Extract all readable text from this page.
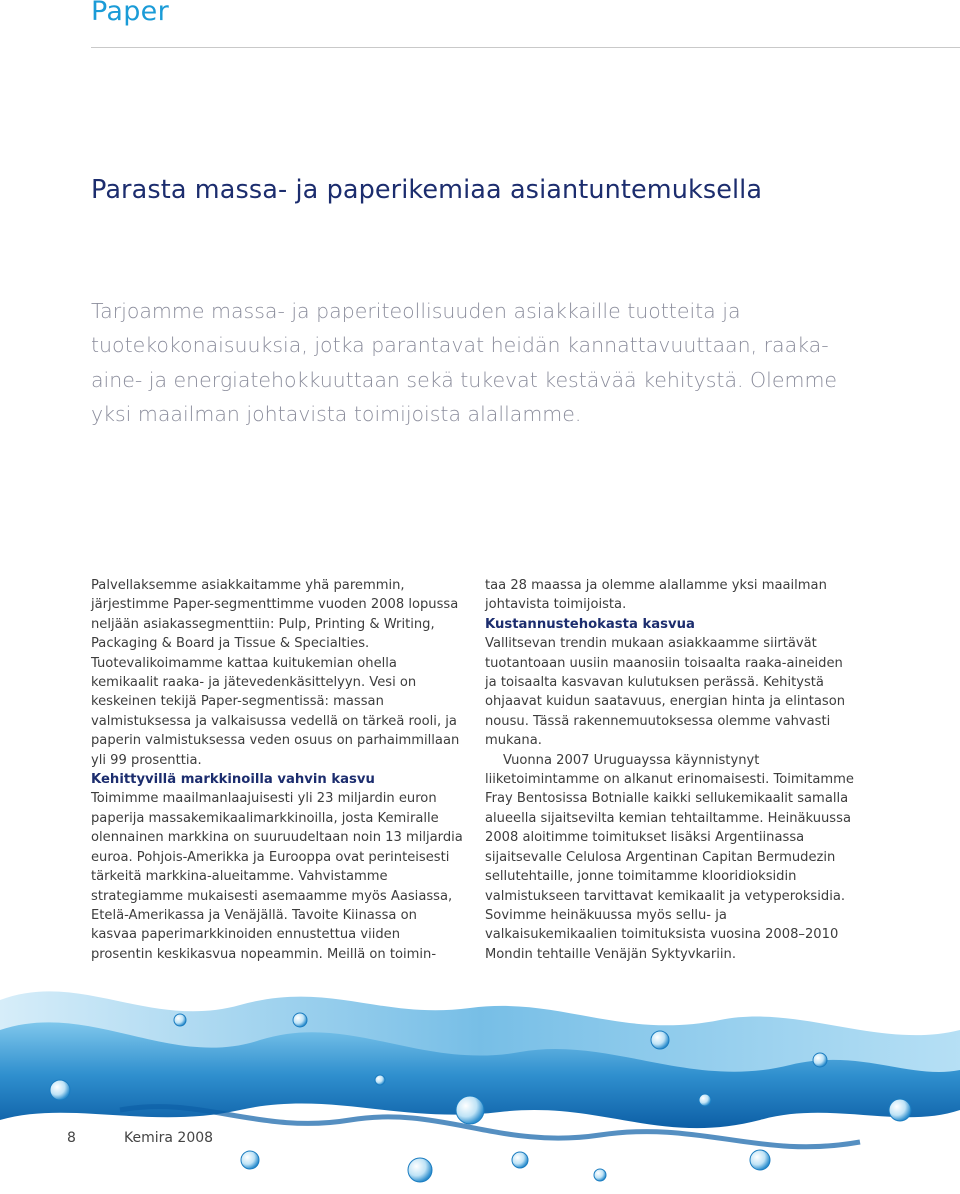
Paper
Parasta massa- ja paperikemiaa asiantuntemuksella

Tarjoamme massa- ja paperiteollisuuden asiakkaille tuotteita ja tuotekokonaisuuksia, jotka parantavat heidän kannattavuuttaan, raaka-aine- ja energiatehokkuuttaan sekä tukevat kestävää kehitystä. Olemme yksi maailman johtavista toimijoista alallamme.

Palvellaksemme asiakkaitamme yhä paremmin, järjestimme Paper-segmenttimme vuoden 2008 lopussa neljään asiakassegmenttiin: Pulp, Printing & Writing, Packaging & Board ja Tissue & Specialties. Tuotevalikoimamme kattaa kuitukemian ohella kemikaalit raaka- ja jätevedenkäsittelyyn. Vesi on keskeinen tekijä Paper-segmentissä: massan valmistuksessa ja valkaisussa vedellä on tärkeä rooli, ja paperin valmistuksessa veden osuus on parhaimmillaan yli 99 prosenttia.

Kehittyvillä markkinoilla vahvin kasvu

Toimimme maailmanlaajuisesti yli 23 miljardin euron paperija massakemikaalimarkkinoilla, josta Kemiralle olennainen markkina on suuruudeltaan noin 13 miljardia euroa. Pohjois-Amerikka ja Eurooppa ovat perinteisesti tärkeitä markkina-alueitamme. Vahvistamme strategiamme mukaisesti asemaamme myös Aasiassa, Etelä-Amerikassa ja Venäjällä. Tavoite Kiinassa on kasvaa paperimarkkinoiden ennustettua viiden prosentin keskikasvua nopeammin. Meillä on toimin-

taa 28 maassa ja olemme alallamme yksi maailman johtavista toimijoista.

Kustannustehokasta kasvua

Vallitsevan trendin mukaan asiakkaamme siirtävät tuotantoaan uusiin maanosiin toisaalta raaka-aineiden ja toisaalta kasvavan kulutuksen perässä. Kehitystä ohjaavat kuidun saatavuus, energian hinta ja elintason nousu. Tässä rakennemuutoksessa olemme vahvasti mukana.

Vuonna 2007 Uruguayssa käynnistynyt liiketoimintamme on alkanut erinomaisesti. Toimitamme Fray Bentosissa Botnialle kaikki sellukemikaalit samalla alueella sijaitsevilta kemian tehtailtamme. Heinäkuussa 2008 aloitimme toimitukset lisäksi Argentiinassa sijaitsevalle Celulosa Argentinan Capitan Bermudezin sellutehtaille, jonne toimitamme klooridioksidin valmistukseen tarvittavat kemikaalit ja vetyperoksidia. Sovimme heinäkuussa myös sellu- ja valkaisukemikaalien toimituksista vuosina 2008–2010 Mondin tehtaille Venäjän Syktyvkariin.

8	Kemira 2008
